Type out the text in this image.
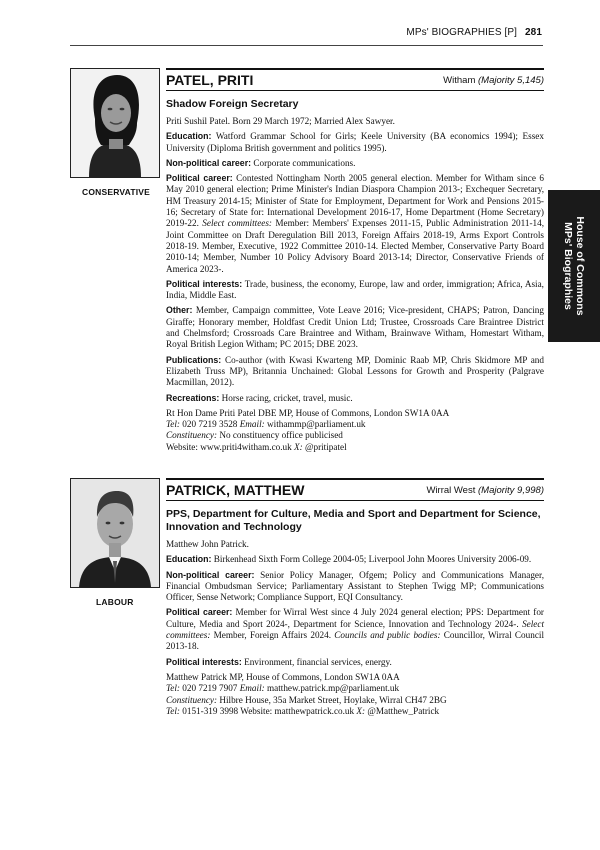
MPs' BIOGRAPHIES [P] 281
House of Commons
MPs' Biographies
CONSERVATIVE
PATEL, PRITI	Witham (Majority 5,145)
Shadow Foreign Secretary

Priti Sushil Patel. Born 29 March 1972; Married Alex Sawyer.

Education: Watford Grammar School for Girls; Keele University (BA economics 1994); Essex University (Diploma British government and politics 1995).

Non-political career: Corporate communications.

Political career: Contested Nottingham North 2005 general election. Member for Witham since 6 May 2010 general election; Prime Minister's Indian Diaspora Champion 2013-; Exchequer Secretary, HM Treasury 2014-15; Minister of State for Employment, Department for Work and Pensions 2015-16; Secretary of State for: International Development 2016-17, Home Department (Home Secretary) 2019-22. Select committees: Member: Members' Expenses 2011-15, Public Administration 2011-14, Joint Committee on Draft Deregulation Bill 2013, Foreign Affairs 2018-19, Arms Export Controls 2018-19. Member, Executive, 1922 Committee 2010-14. Elected Member, Conservative Party Board 2010-14; Member, Number 10 Policy Advisory Board 2013-14; Director, Conservative Friends of America 2023-.

Political interests: Trade, business, the economy, Europe, law and order, immigration; Africa, Asia, India, Middle East.

Other: Member, Campaign committee, Vote Leave 2016; Vice-president, CHAPS; Patron, Dancing Giraffe; Honorary member, Holdfast Credit Union Ltd; Trustee, Crossroads Care Braintree District and Chelmsford; Crossroads Care Braintree and Witham, Brainwave Witham, Homestart Witham, Royal British Legion Witham; PC 2015; DBE 2023.

Publications: Co-author (with Kwasi Kwarteng MP, Dominic Raab MP, Chris Skidmore MP and Elizabeth Truss MP), Britannia Unchained: Global Lessons for Growth and Prosperity (Palgrave Macmillan, 2012).

Recreations: Horse racing, cricket, travel, music.

Rt Hon Dame Priti Patel DBE MP, House of Commons, London SW1A 0AA

Tel: 020 7219 3528 Email: withammp@parliament.uk

Constituency: No constituency office publicised

Website: www.priti4witham.co.uk X: @pritipatel

LABOUR
PATRICK, MATTHEW	Wirral West (Majority 9,998)
PPS, Department for Culture, Media and Sport and Department for Science, Innovation and Technology

Matthew John Patrick.

Education: Birkenhead Sixth Form College 2004-05; Liverpool John Moores University 2006-09.

Non-political career: Senior Policy Manager, Ofgem; Policy and Communications Manager, Financial Ombudsman Service; Parliamentary Assistant to Stephen Twigg MP; Communications Officer, Sense Network; Compliance Support, EQI Consultancy.

Political career: Member for Wirral West since 4 July 2024 general election; PPS: Department for Culture, Media and Sport 2024-, Department for Science, Innovation and Technology 2024-. Select committees: Member, Foreign Affairs 2024. Councils and public bodies: Councillor, Wirral Council 2013-18.

Political interests: Environment, financial services, energy.

Matthew Patrick MP, House of Commons, London SW1A 0AA

Tel: 020 7219 7907 Email: matthew.patrick.mp@parliament.uk

Constituency: Hilbre House, 35a Market Street, Hoylake, Wirral CH47 2BG

Tel: 0151-319 3998 Website: matthewpatrick.co.uk X: @Matthew_Patrick
